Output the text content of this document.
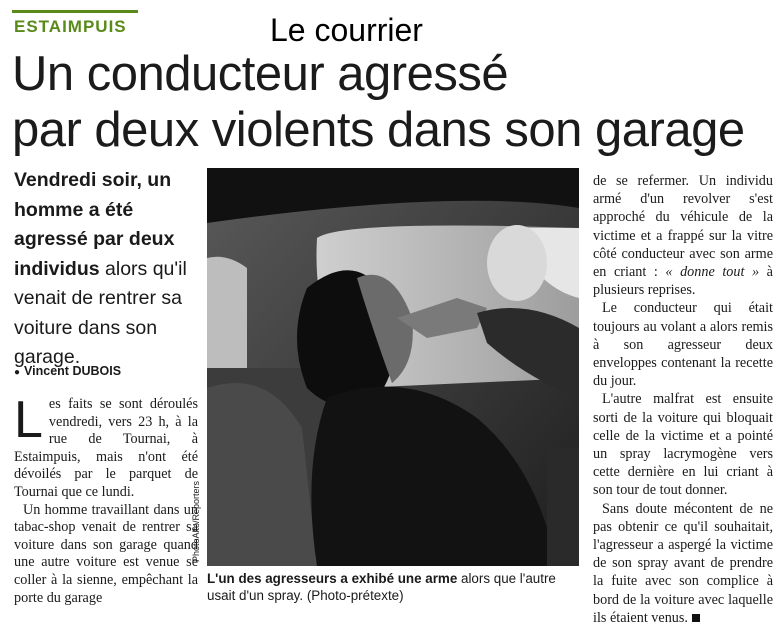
ESTAIMPUIS	Le courrier
Un conducteur agressé
par deux violents dans son garage
Vendredi soir, un homme a été agressé par deux individus alors qu'il venait de rentrer sa voiture dans son garage.
● Vincent DUBOIS

Les faits se sont déroulés vendredi, vers 23 h, à la rue de Tournai, à Estaimpuis, mais n'ont été dévoilés par le parquet de Tournai que ce lundi.

Un homme travaillant dans un tabac-shop venait de rentrer sa voiture dans son garage quand une autre voiture est venue se coller à la sienne, empêchant la porte du garage

PhotoAlto/Reporters
L'un des agresseurs a exhibé une arme alors que l'autre usait d'un spray. (Photo-prétexte)

de se refermer. Un individu armé d'un revolver s'est approché du véhicule de la victime et a frappé sur la vitre côté conducteur avec son arme en criant : « donne tout » à plusieurs reprises.

Le conducteur qui était toujours au volant a alors remis à son agresseur deux enveloppes contenant la recette du jour.

L'autre malfrat est ensuite sorti de la voiture qui bloquait celle de la victime et a pointé un spray lacrymogène vers cette dernière en lui criant à son tour de tout donner.

Sans doute mécontent de ne pas obtenir ce qu'il souhaitait, l'agresseur a aspergé la victime de son spray avant de prendre la fuite avec son complice à bord de la voiture avec laquelle ils étaient venus.
